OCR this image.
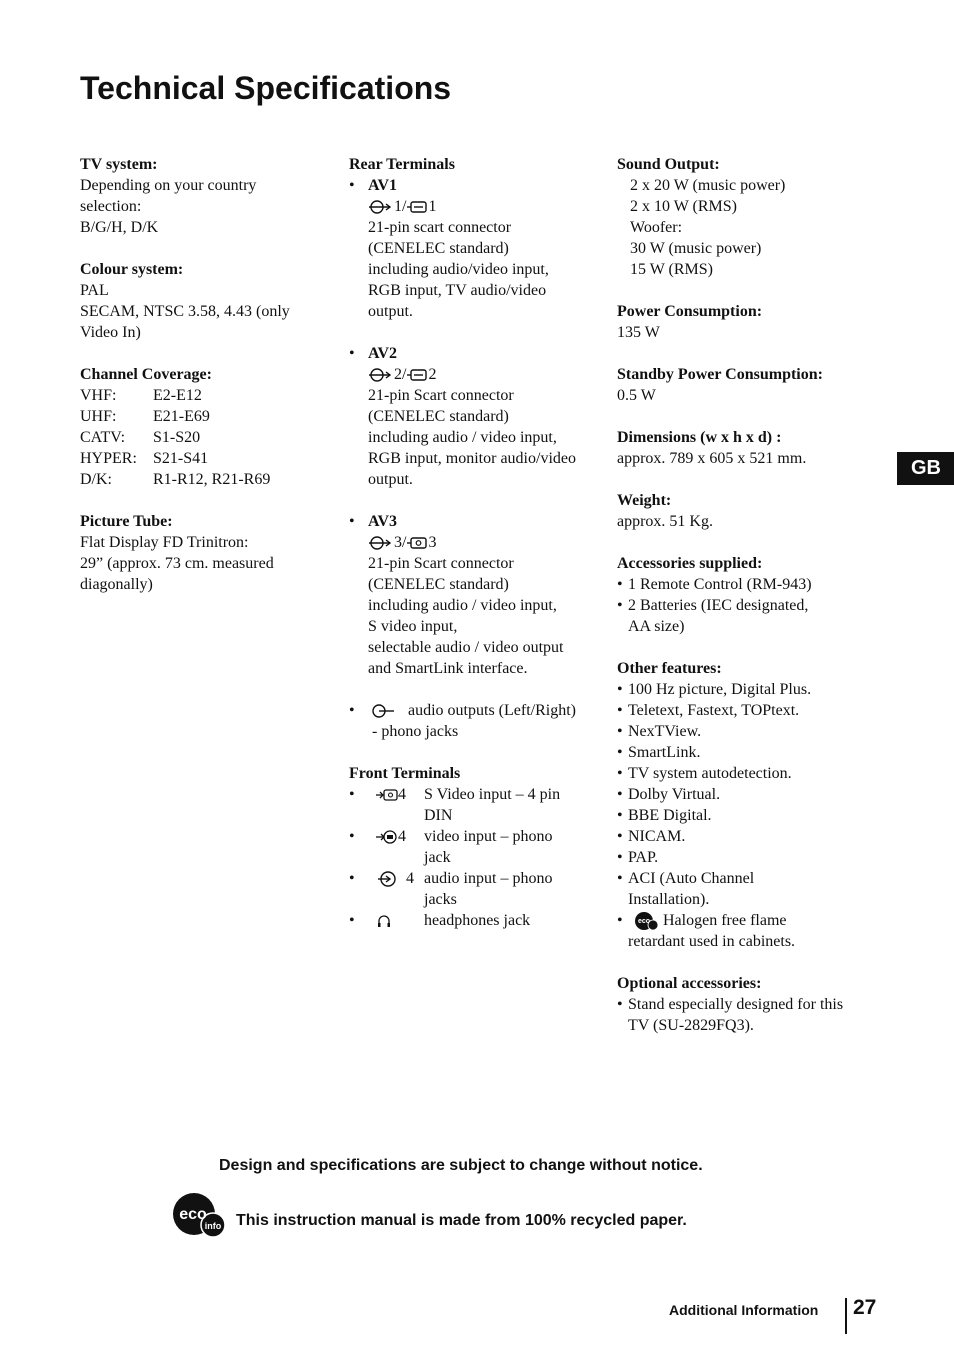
Technical Specifications
TV system:
Depending on your country
selection:
B/G/H, D/K
Colour system:
PAL
SECAM, NTSC 3.58, 4.43 (only
Video In)
Channel Coverage:
VHF:	E2-E12
UHF:	E21-E69
CATV:	S1-S20
HYPER:	S21-S41
D/K:	R1-R12, R21-R69
Picture Tube:
Flat Display FD Trinitron:
29” (approx. 73 cm. measured
diagonally)
Rear Terminals
• AV1
1/ 1
21-pin scart connector
(CENELEC standard)
including audio/video input,
RGB input, TV audio/video
output.
• AV2
2/ 2
21-pin Scart connector
(CENELEC standard)
including audio / video input,
RGB input, monitor audio/video
output.
• AV3
3/ 3
21-pin Scart connector
(CENELEC standard)
including audio / video input,
S video input,
selectable audio / video output
and SmartLink interface.
•	audio outputs (Left/Right)
- phono jacks
Front Terminals
•	4	S Video input – 4 pin
DIN
•	4	video input – phono
jack
•	4 audio input – phono
jacks
•	headphones jack
Sound Output:
2 x 20 W (music power)
2 x 10 W (RMS)
Woofer:
30 W (music power)
15 W (RMS)
Power Consumption:
135 W
Standby Power Consumption:
0.5 W
Dimensions (w x h x d) :
approx. 789 x 605 x 521 mm.
Weight:
approx. 51 Kg.
Accessories supplied:
• 1 Remote Control (RM-943)
• 2 Batteries (IEC designated,
AA size)
Other features:
• 100 Hz picture, Digital Plus.
• Teletext, Fastext, TOPtext.
• NexTView.
• SmartLink.
• TV system autodetection.
• Dolby Virtual.
• BBE Digital.
• NICAM.
• PAP.
• ACI (Auto Channel
Installation).
•	eco Halogen free flame
retardant used in cabinets.
Optional accessories:
• Stand especially designed for this
TV (SU-2829FQ3).
GB
Design and specifications are subject to change without notice.
eco
info This instruction manual is made from 100% recycled paper.
Additional Information 27
